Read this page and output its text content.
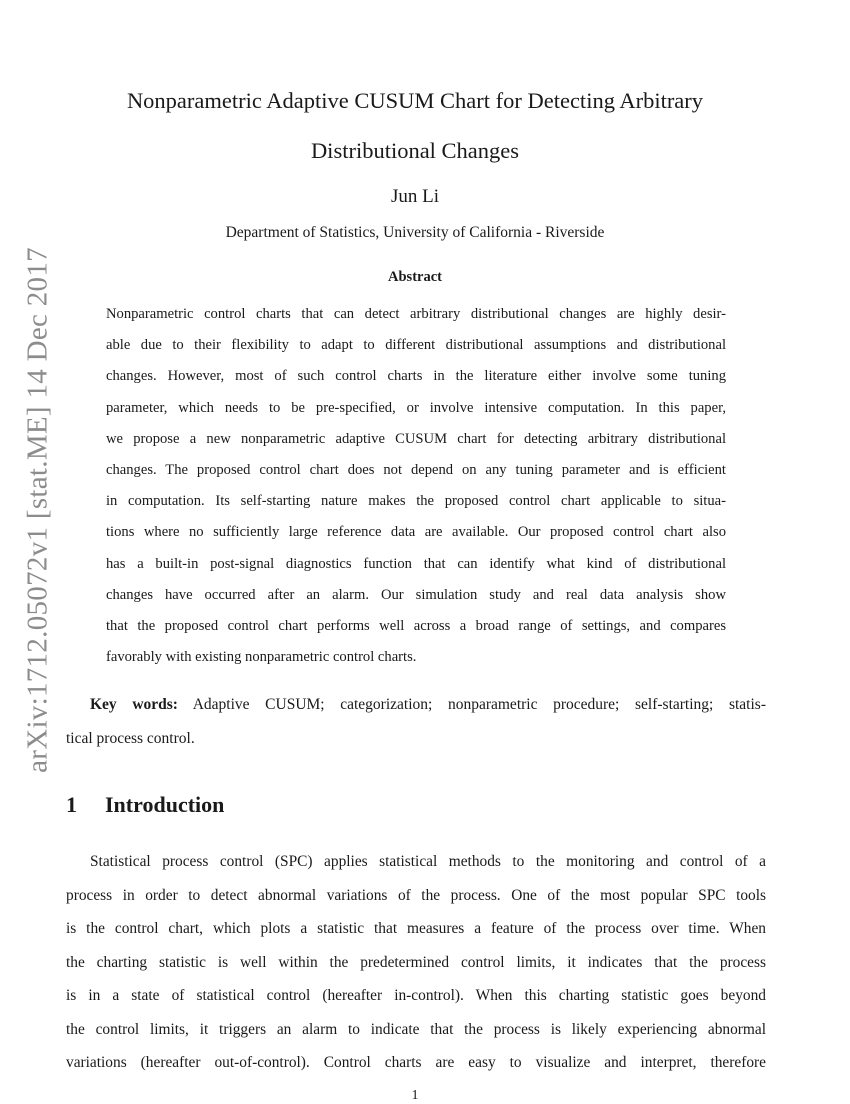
arXiv:1712.05072v1 [stat.ME] 14 Dec 2017
Nonparametric Adaptive CUSUM Chart for Detecting Arbitrary
Distributional Changes
Jun Li
Department of Statistics, University of California - Riverside
Abstract
Nonparametric control charts that can detect arbitrary distributional changes are highly desir-
able due to their flexibility to adapt to different distributional assumptions and distributional
changes. However, most of such control charts in the literature either involve some tuning
parameter, which needs to be pre-specified, or involve intensive computation. In this paper,
we propose a new nonparametric adaptive CUSUM chart for detecting arbitrary distributional
changes. The proposed control chart does not depend on any tuning parameter and is efficient
in computation. Its self-starting nature makes the proposed control chart applicable to situa-
tions where no sufficiently large reference data are available. Our proposed control chart also
has a built-in post-signal diagnostics function that can identify what kind of distributional
changes have occurred after an alarm. Our simulation study and real data analysis show
that the proposed control chart performs well across a broad range of settings, and compares
favorably with existing nonparametric control charts.
Key words: Adaptive CUSUM; categorization; nonparametric procedure; self-starting; statis-
tical process control.
1 Introduction
Statistical process control (SPC) applies statistical methods to the monitoring and control of a
process in order to detect abnormal variations of the process. One of the most popular SPC tools
is the control chart, which plots a statistic that measures a feature of the process over time. When
the charting statistic is well within the predetermined control limits, it indicates that the process
is in a state of statistical control (hereafter in-control). When this charting statistic goes beyond
the control limits, it triggers an alarm to indicate that the process is likely experiencing abnormal
variations (hereafter out-of-control). Control charts are easy to visualize and interpret, therefore
1
